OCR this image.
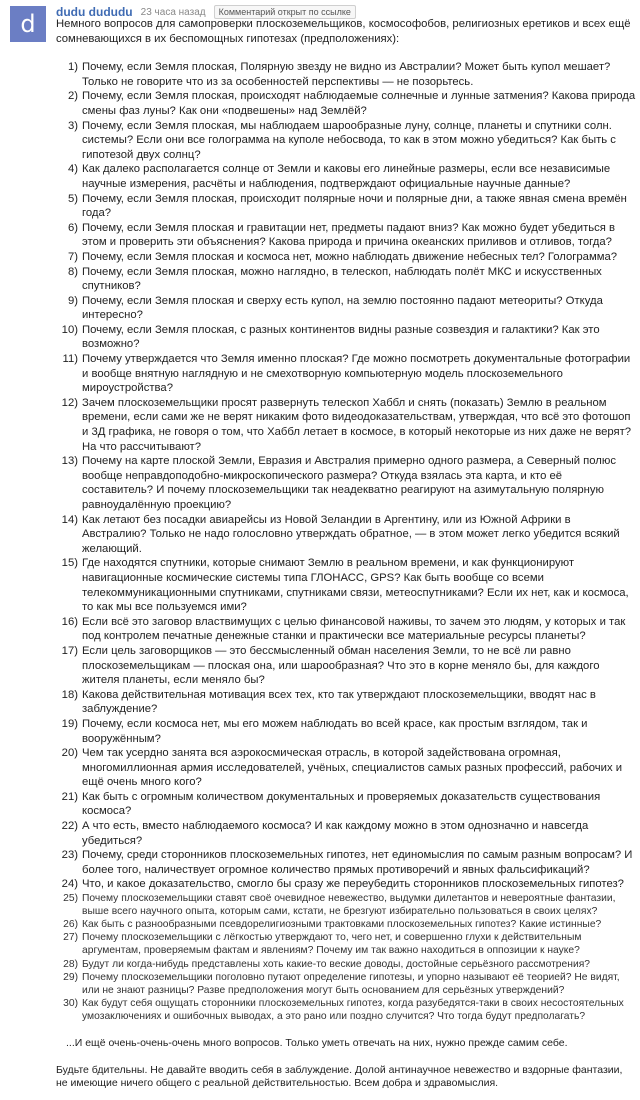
d dudu dududu 23 часа назад	Комментарий открыт по ссылке

Немного вопросов для самопроверки плоскоземельщиков, космософобов, религиозных еретиков и всех ещё сомневающихся в их беспомощных гипотезах (предположениях):

1) Почему, если Земля плоская, Полярную звезду не видно из Австралии? Может быть купол мешает? Только не говорите что из за особенностей перспективы — не позорьтесь.
2) Почему, если Земля плоская, происходят наблюдаемые солнечные и лунные затмения? Какова природа смены фаз луны? Как они «подвешены» над Землёй?
3) Почему, если Земля плоская, мы наблюдаем шарообразные луну, солнце, планеты и спутники солн. системы? Если они все голограмма на куполе небосвода, то как в этом можно убедиться? Как быть с гипотезой двух солнц?
4) Как далеко располагается солнце от Земли и каковы его линейные размеры, если все независимые научные измерения, расчёты и наблюдения, подтверждают официальные научные данные?
5) Почему, если Земля плоская, происходит полярные ночи и полярные дни, а также явная смена времён года?
6) Почему, если Земля плоская и гравитации нет, предметы падают вниз? Как можно будет убедиться в этом и проверить эти объяснения? Какова природа и причина океанских приливов и отливов, тогда?
7) Почему, если Земля плоская и космоса нет, можно наблюдать движение небесных тел? Голограмма?
8) Почему, если Земля плоская, можно наглядно, в телескоп, наблюдать полёт МКС и искусственных спутников?
9) Почему, если Земля плоская и сверху есть купол, на землю постоянно падают метеориты? Откуда интересно?
10) Почему, если Земля плоская, с разных континентов видны разные созвездия и галактики? Как это возможно?
11) Почему утверждается что Земля именно плоская? Где можно посмотреть документальные фотографии и вообще внятную наглядную и не смехотворную компьютерную модель плоскоземельного мироустройства?
12) Зачем плоскоземельщики просят развернуть телескоп Хаббл и снять (показать) Землю в реальном времени, если сами же не верят никаким фото видеодоказательствам, утверждая, что всё это фотошоп и 3Д графика, не говоря о том, что Хаббл летает в космосе, в который некоторые из них даже не верят? На что рассчитывают?
13) Почему на карте плоской Земли, Евразия и Австралия примерно одного размера, а Северный полюс вообще неправдоподобно-микроскопического размера? Откуда взялась эта карта, и кто её составитель? И почему плоскоземельщики так неадекватно реагируют на азимутальную полярную равноудалённую проекцию?
14) Как летают без посадки авиарейсы из Новой Зеландии в Аргентину, или из Южной Африки в Австралию? Только не надо голословно утверждать обратное, — в этом может легко убедится всякий желающий.
15) Где находятся спутники, которые снимают Землю в реальном времени, и как функционируют навигационные космические системы типа ГЛОНАСС, GPS? Как быть вообще со всеми телекоммуникационными спутниками, спутниками связи, метеоспутниками? Если их нет, как и космоса, то как мы все пользуемся ими?
16) Если всё это заговор властвимущих с целью финансовой наживы, то зачем это людям, у которых и так под контролем печатные денежные станки и практически все материальные ресурсы планеты?
17) Если цель заговорщиков — это бессмысленный обман населения Земли, то не всё ли равно плоскоземельщикам — плоская она, или шарообразная? Что это в корне меняло бы, для каждого жителя планеты, если меняло бы?
18) Какова действительная мотивация всех тех, кто так утверждают плоскоземельщики, вводят нас в заблуждение?
19) Почему, если космоса нет, мы его можем наблюдать во всей красе, как простым взглядом, так и вооружённым?
20) Чем так усердно занята вся аэрокосмическая отрасль, в которой задействована огромная, многомиллионная армия исследователей, учёных, специалистов самых разных профессий, рабочих и ещё очень много кого?
21) Как быть с огромным количеством документальных и проверяемых доказательств существования космоса?
22) А что есть, вместо наблюдаемого космоса? И как каждому можно в этом однозначно и навсегда убедиться?
23) Почему, среди сторонников плоскоземельных гипотез, нет единомыслия по самым разным вопросам? И более того, наличествует огромное количество прямых противоречий и явных фальсификаций?
24) Что, и какое доказательство, смогло бы сразу же переубедить сторонников плоскоземельных гипотез?
25) Почему плоскоземельщики ставят своё очевидное невежество, выдумки дилетантов и невероятные фантазии, выше всего научного опыта, которым сами, кстати, не брезгуют избирательно пользоваться в своих целях?
26) Как быть с разнообразными псевдорелигиозными трактовками плоскоземельных гипотез? Какие истинные?
27) Почему плоскоземельщики с лёгкостью утверждают то, чего нет, и совершенно глухи к действительным аргументам, проверяемым фактам и явлениям? Почему им так важно находиться в оппозиции к науке?
28) Будут ли когда-нибудь представлены хоть какие-то веские доводы, достойные серьёзного рассмотрения?
29) Почему плоскоземельщики поголовно путают определение гипотезы, и упорно называют её теорией? Не видят, или не знают разницы? Разве предположения могут быть основанием для серьёзных утверждений?
30) Как будут себя ощущать сторонники плоскоземельных гипотез, когда разубедятся-таки в своих несостоятельных умозаключениях и ошибочных выводах, а это рано или поздно случится? Что тогда будут предполагать?

...И ещё очень-очень-очень много вопросов. Только уметь отвечать на них, нужно прежде самим себе.

Будьте бдительны. Не давайте вводить себя в заблуждение. Долой антинаучное невежество и вздорные фантазии, не имеющие ничего общего с реальной действительностью. Всем добра и здравомыслия.
